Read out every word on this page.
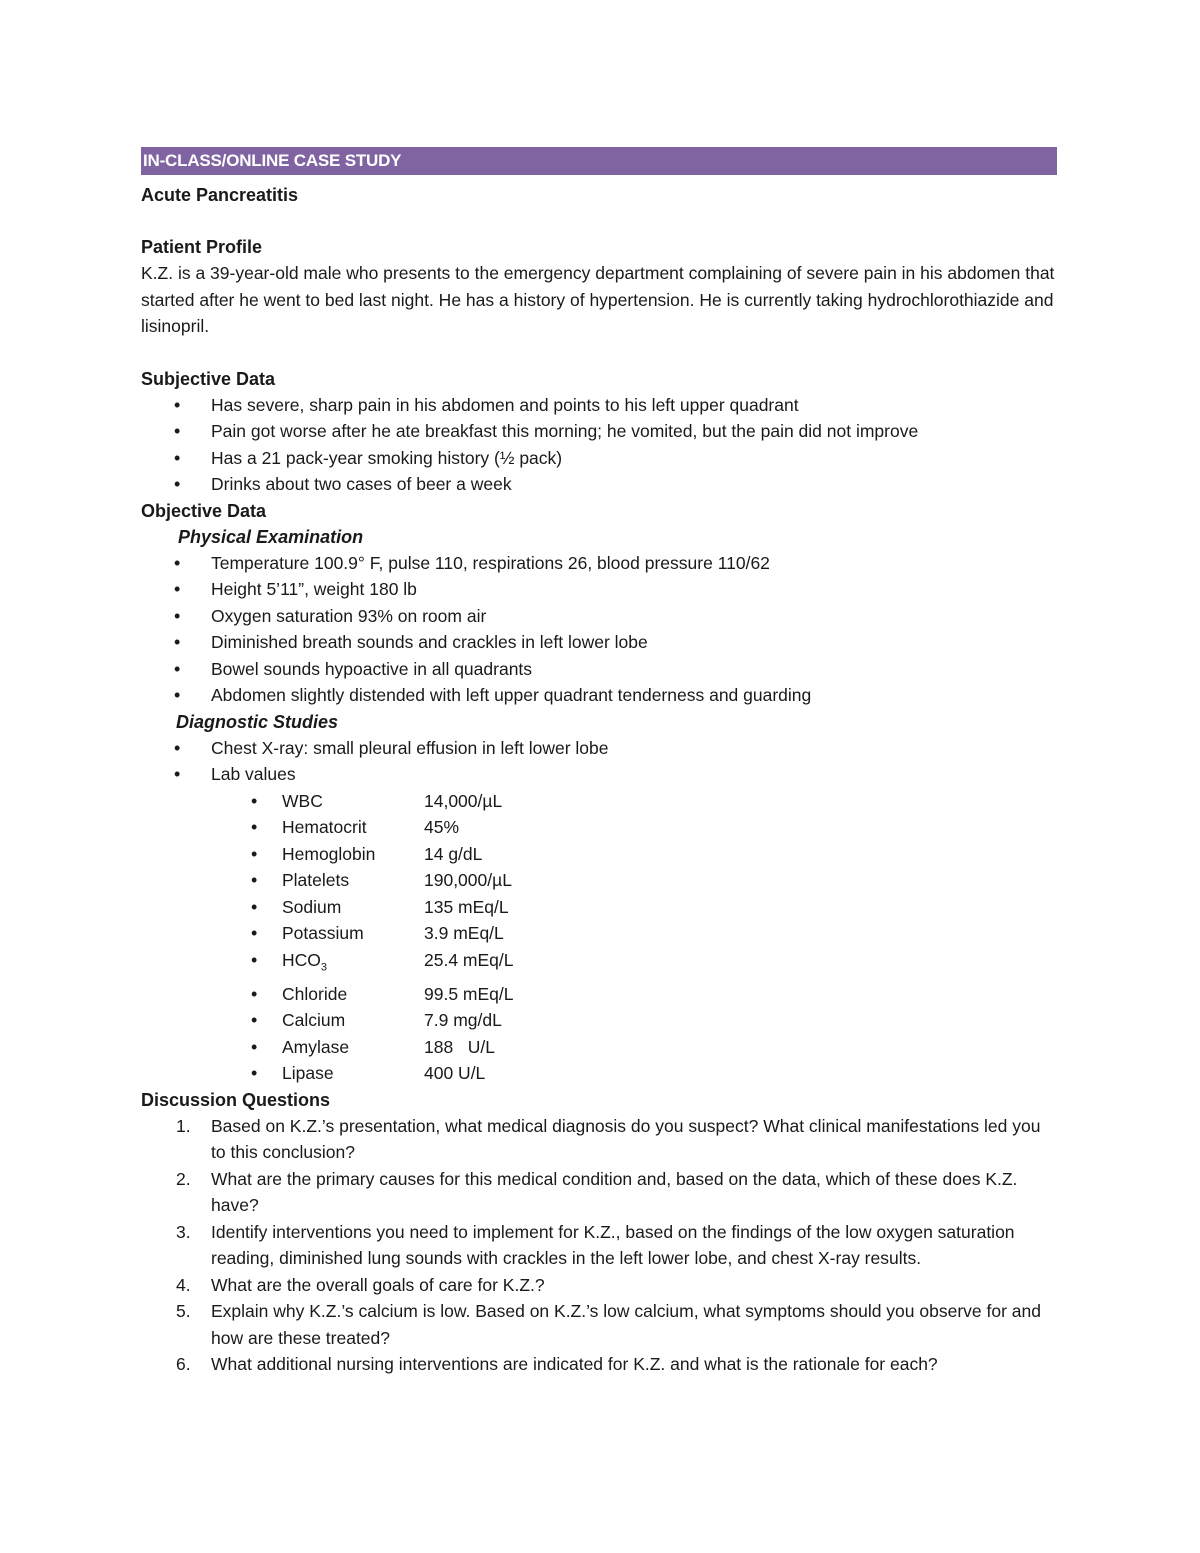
IN-CLASS/ONLINE CASE STUDY

Acute Pancreatitis

Patient Profile

K.Z. is a 39-year-old male who presents to the emergency department complaining of severe pain in his abdomen that started after he went to bed last night. He has a history of hypertension. He is currently taking hydrochlorothiazide and lisinopril.

Subjective Data

• Has severe, sharp pain in his abdomen and points to his left upper quadrant
• Pain got worse after he ate breakfast this morning; he vomited, but the pain did not improve
• Has a 21 pack-year smoking history (½ pack)
• Drinks about two cases of beer a week

Objective Data

Physical Examination

• Temperature 100.9° F, pulse 110, respirations 26, blood pressure 110/62
• Height 5’11”, weight 180 lb
• Oxygen saturation 93% on room air
• Diminished breath sounds and crackles in left lower lobe
• Bowel sounds hypoactive in all quadrants
• Abdomen slightly distended with left upper quadrant tenderness and guarding

Diagnostic Studies

• Chest X-ray: small pleural effusion in left lower lobe
• Lab values
• WBC	14,000/µL
• Hematocrit	45%
• Hemoglobin	14 g/dL
• Platelets	190,000/µL
• Sodium	135 mEq/L
• Potassium	3.9 mEq/L
• $HCO_3$	25.4 mEq/L
• Chloride	99.5 mEq/L
• Calcium	7.9 mg/dL
• Amylase	188   U/L
• Lipase	400 U/L

Discussion Questions

1. Based on K.Z.’s presentation, what medical diagnosis do you suspect? What clinical manifestations led you to this conclusion?
2. What are the primary causes for this medical condition and, based on the data, which of these does K.Z. have?
3. Identify interventions you need to implement for K.Z., based on the findings of the low oxygen saturation reading, diminished lung sounds with crackles in the left lower lobe, and chest X-ray results.
4. What are the overall goals of care for K.Z.?
5. Explain why K.Z.’s calcium is low. Based on K.Z.’s low calcium, what symptoms should you observe for and how are these treated?
6. What additional nursing interventions are indicated for K.Z. and what is the rationale for each?
